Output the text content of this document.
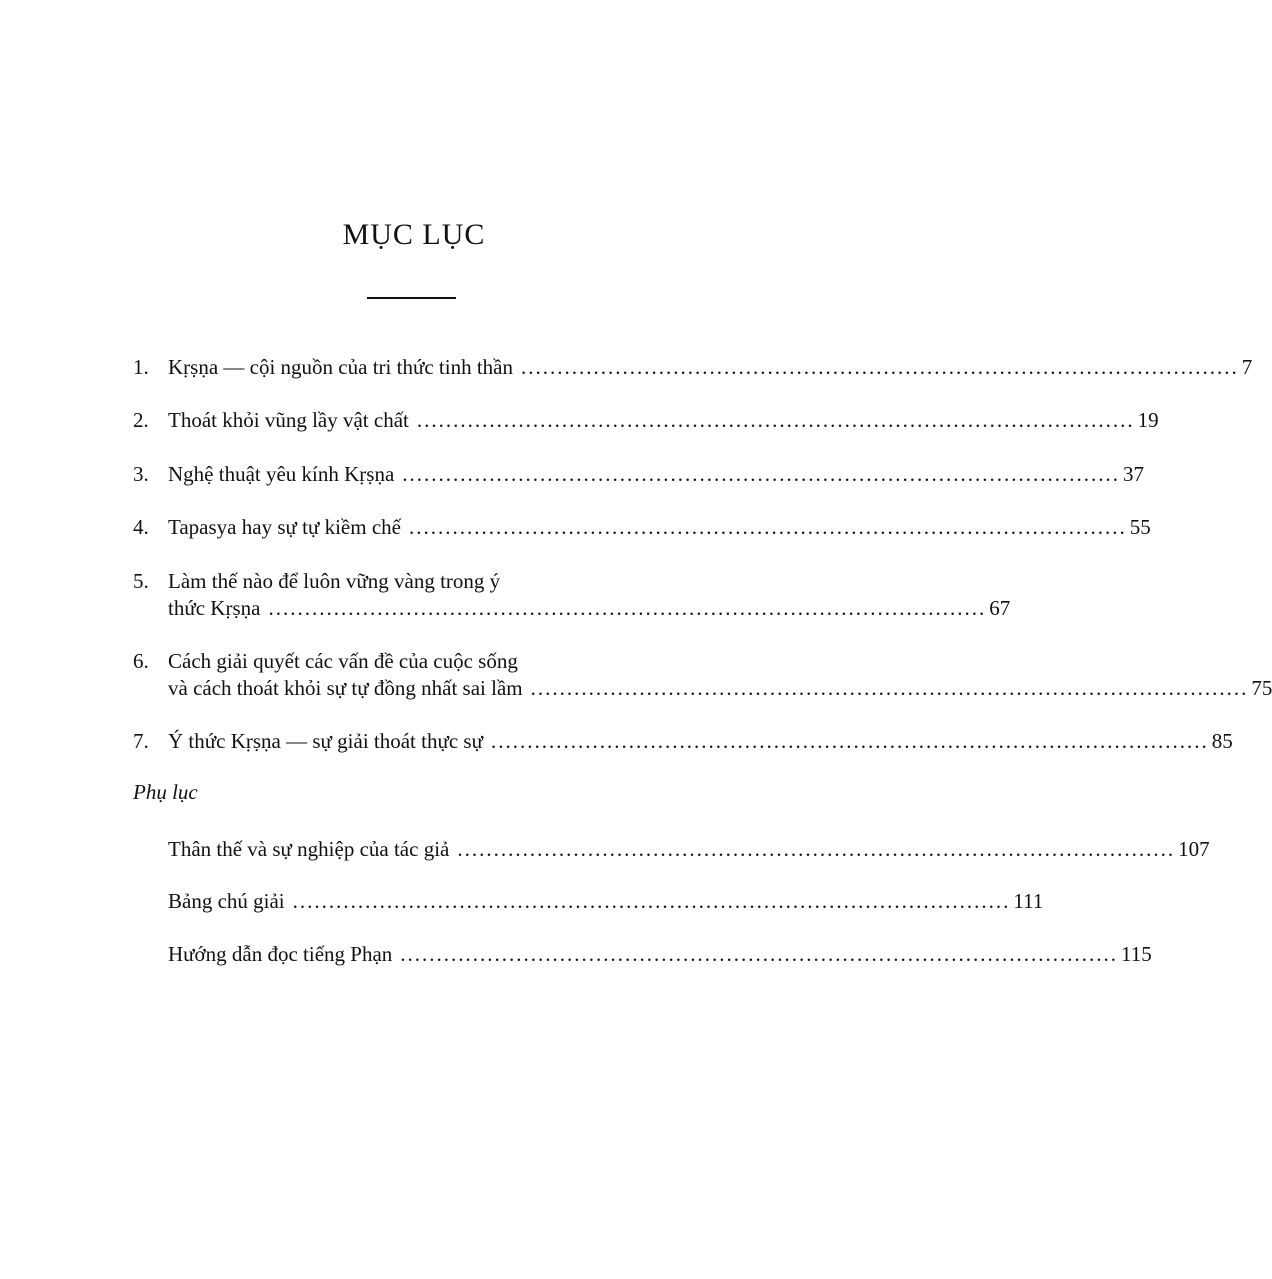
MỤC LỤC
1. Kṛṣṇa — cội nguồn của tri thức tinh thần ................................................................................................... 7
2. Thoát khỏi vũng lầy vật chất ................................................................................................... 19
3. Nghệ thuật yêu kính Kṛṣṇa ................................................................................................... 37
4. Tapasya hay sự tự kiềm chế ................................................................................................... 55
5. Làm thế nào để luôn vững vàng trong ý
thức Kṛṣṇa ................................................................................................... 67
6. Cách giải quyết các vấn đề của cuộc sống
và cách thoát khỏi sự tự đồng nhất sai lầm ................................................................................................... 75
7. Ý thức Kṛṣṇa — sự giải thoát thực sự ................................................................................................... 85
Phụ lục
Thân thế và sự nghiệp của tác giả ................................................................................................... 107
Bảng chú giải ................................................................................................... 111
Hướng dẫn đọc tiếng Phạn ................................................................................................... 115
